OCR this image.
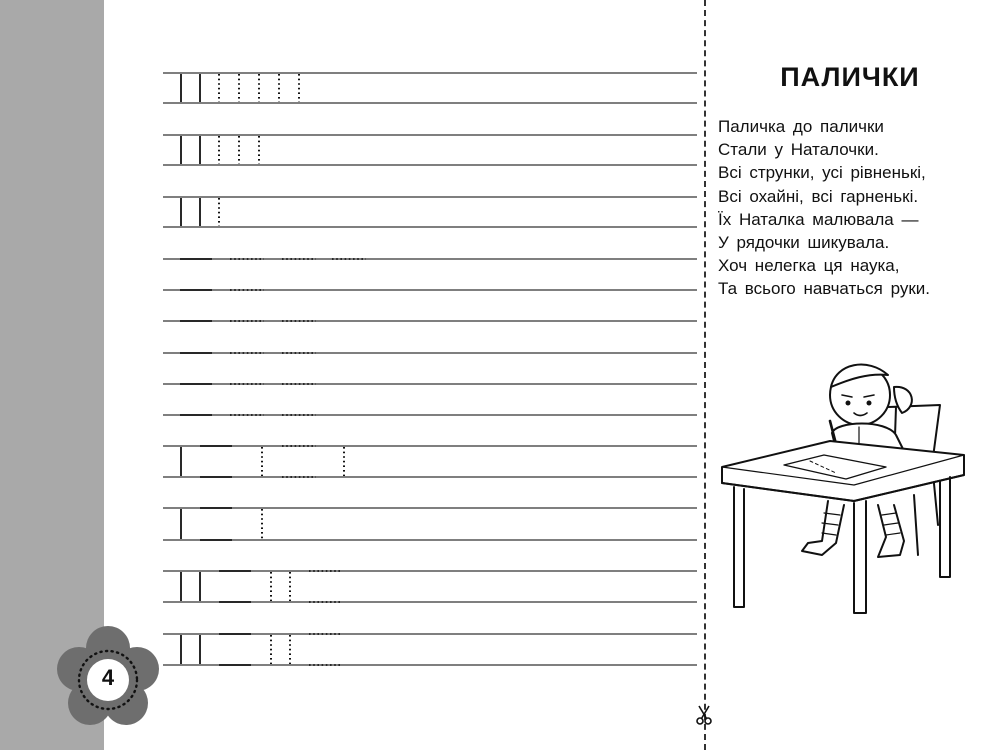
4
ПАЛИЧКИ
Паличка до палички
Стали у Наталочки.
Всі струнки, усі рівненькі,
Всі охайні, всі гарненькі.
Їх Наталка малювала —
У рядочки шикувала.
Хоч нелегка ця наука,
Та всього навчаться руки.
